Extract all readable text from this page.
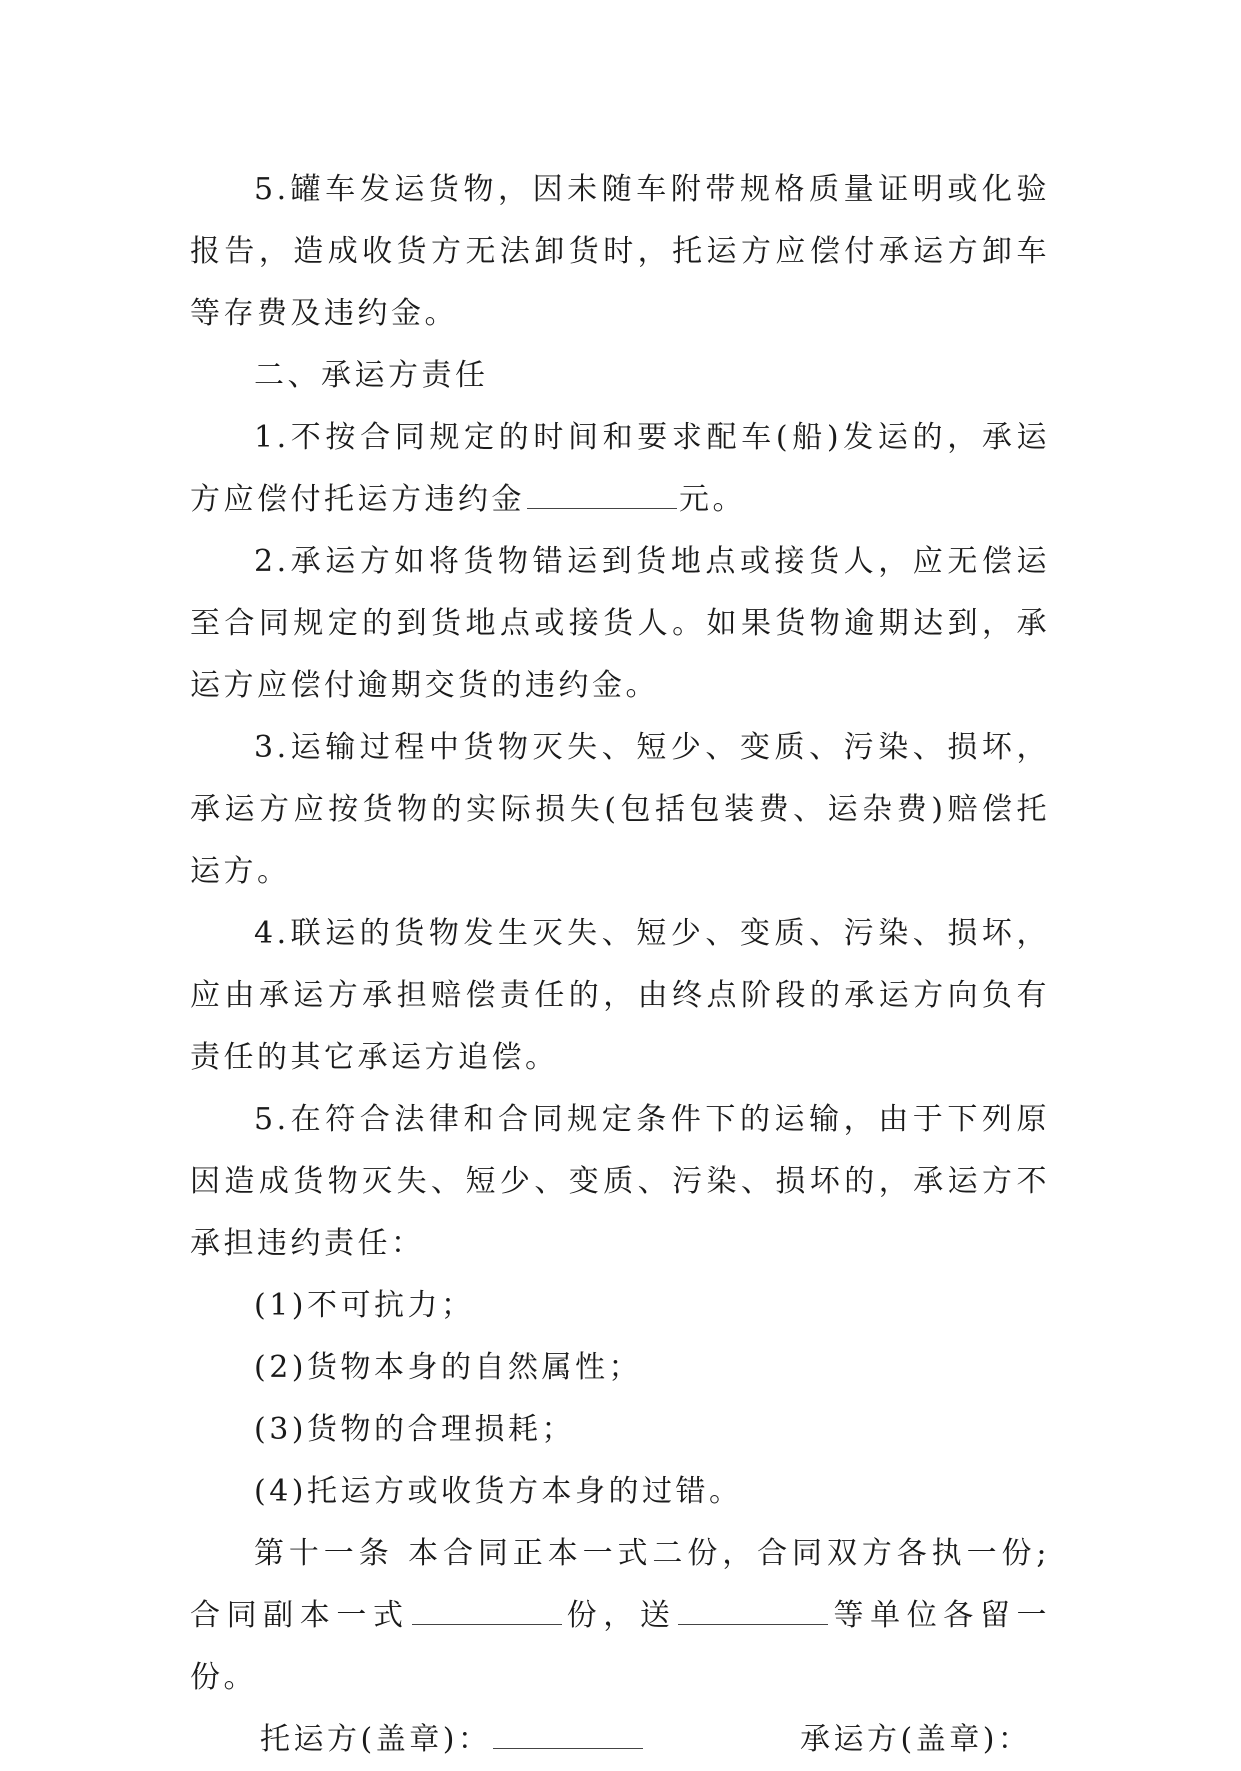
5.罐车发运货物，因未随车附带规格质量证明或化验报告，造成收货方无法卸货时，托运方应偿付承运方卸车等存费及违约金。

二、承运方责任

1.不按合同规定的时间和要求配车(船)发运的，承运方应偿付托运方违约金	元。

2.承运方如将货物错运到货地点或接货人，应无偿运至合同规定的到货地点或接货人。如果货物逾期达到，承运方应偿付逾期交货的违约金。

3.运输过程中货物灭失、短少、变质、污染、损坏，承运方应按货物的实际损失(包括包装费、运杂费)赔偿托运方。

4.联运的货物发生灭失、短少、变质、污染、损坏，应由承运方承担赔偿责任的，由终点阶段的承运方向负有责任的其它承运方追偿。

5.在符合法律和合同规定条件下的运输，由于下列原因造成货物灭失、短少、变质、污染、损坏的，承运方不承担违约责任：

(1)不可抗力；

(2)货物本身的自然属性；

(3)货物的合理损耗；

(4)托运方或收货方本身的过错。

第十一条 本合同正本一式二份，合同双方各执一份;合同副本一式	份，送	等单位各留一份。

托运方(盖章)：	承运方(盖章)：
